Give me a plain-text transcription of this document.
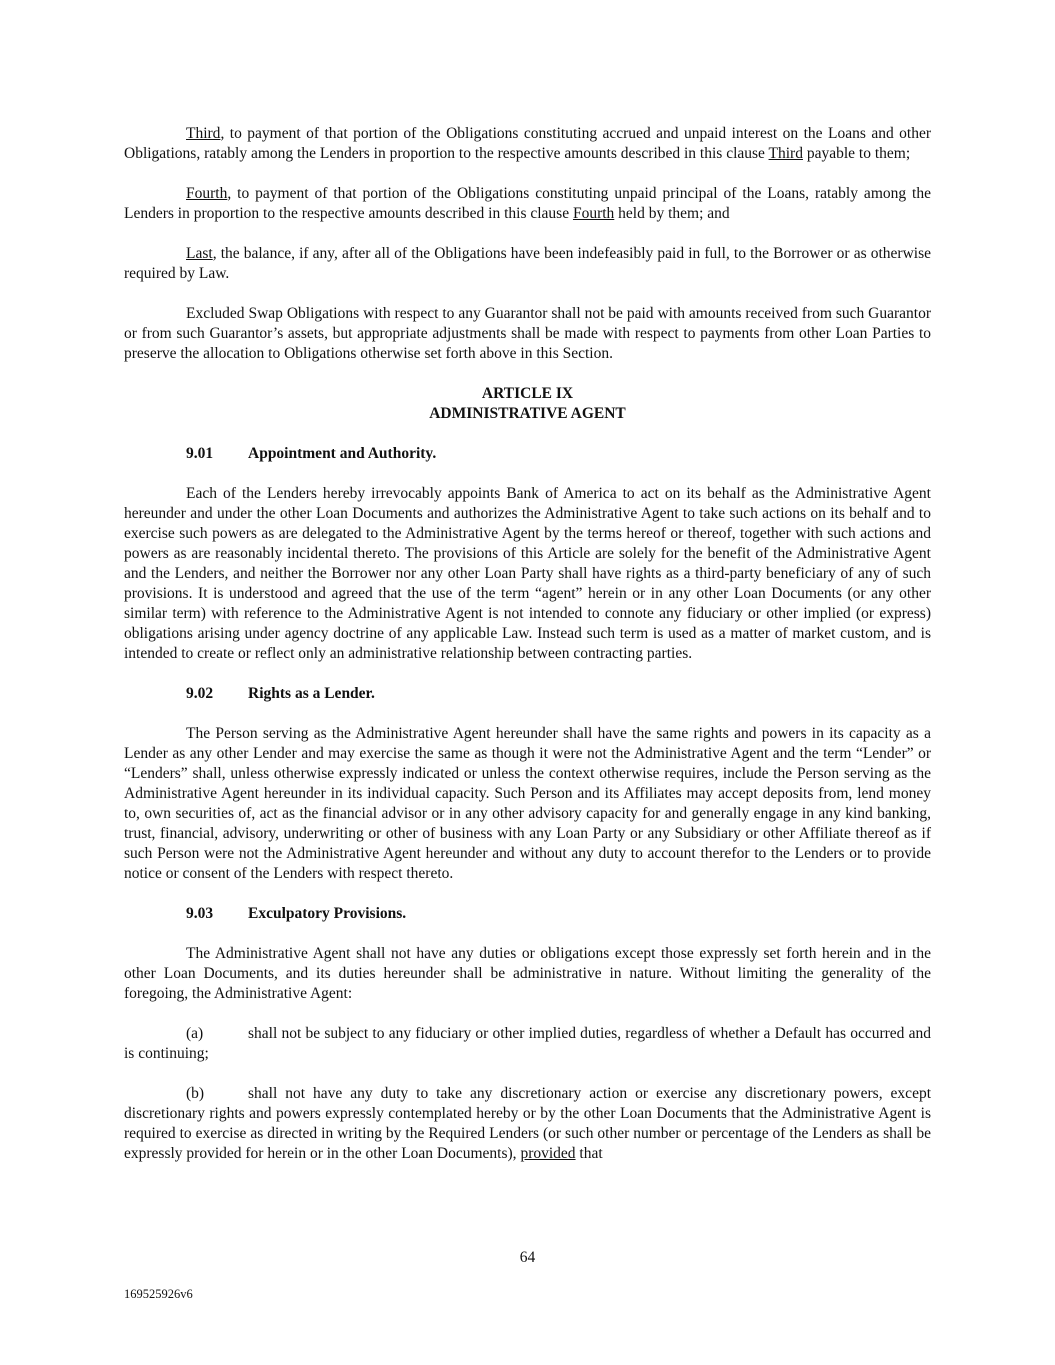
Third, to payment of that portion of the Obligations constituting accrued and unpaid interest on the Loans and other Obligations, ratably among the Lenders in proportion to the respective amounts described in this clause Third payable to them;

Fourth, to payment of that portion of the Obligations constituting unpaid principal of the Loans, ratably among the Lenders in proportion to the respective amounts described in this clause Fourth held by them; and

Last, the balance, if any, after all of the Obligations have been indefeasibly paid in full, to the Borrower or as otherwise required by Law.

Excluded Swap Obligations with respect to any Guarantor shall not be paid with amounts received from such Guarantor or from such Guarantor’s assets, but appropriate adjustments shall be made with respect to payments from other Loan Parties to preserve the allocation to Obligations otherwise set forth above in this Section.

ARTICLE IX

ADMINISTRATIVE AGENT

9.01	Appointment and Authority.

Each of the Lenders hereby irrevocably appoints Bank of America to act on its behalf as the Administrative Agent hereunder and under the other Loan Documents and authorizes the Administrative Agent to take such actions on its behalf and to exercise such powers as are delegated to the Administrative Agent by the terms hereof or thereof, together with such actions and powers as are reasonably incidental thereto. The provisions of this Article are solely for the benefit of the Administrative Agent and the Lenders, and neither the Borrower nor any other Loan Party shall have rights as a third-party beneficiary of any of such provisions. It is understood and agreed that the use of the term “agent” herein or in any other Loan Documents (or any other similar term) with reference to the Administrative Agent is not intended to connote any fiduciary or other implied (or express) obligations arising under agency doctrine of any applicable Law. Instead such term is used as a matter of market custom, and is intended to create or reflect only an administrative relationship between contracting parties.

9.02	Rights as a Lender.

The Person serving as the Administrative Agent hereunder shall have the same rights and powers in its capacity as a Lender as any other Lender and may exercise the same as though it were not the Administrative Agent and the term “Lender” or “Lenders” shall, unless otherwise expressly indicated or unless the context otherwise requires, include the Person serving as the Administrative Agent hereunder in its individual capacity. Such Person and its Affiliates may accept deposits from, lend money to, own securities of, act as the financial advisor or in any other advisory capacity for and generally engage in any kind banking, trust, financial, advisory, underwriting or other of business with any Loan Party or any Subsidiary or other Affiliate thereof as if such Person were not the Administrative Agent hereunder and without any duty to account therefor to the Lenders or to provide notice or consent of the Lenders with respect thereto.

9.03	Exculpatory Provisions.

The Administrative Agent shall not have any duties or obligations except those expressly set forth herein and in the other Loan Documents, and its duties hereunder shall be administrative in nature. Without limiting the generality of the foregoing, the Administrative Agent:

(a)	shall not be subject to any fiduciary or other implied duties, regardless of whether a Default has occurred and is continuing;

(b)	shall not have any duty to take any discretionary action or exercise any discretionary powers, except discretionary rights and powers expressly contemplated hereby or by the other Loan Documents that the Administrative Agent is required to exercise as directed in writing by the Required Lenders (or such other number or percentage of the Lenders as shall be expressly provided for herein or in the other Loan Documents), provided that

64
169525926v6
